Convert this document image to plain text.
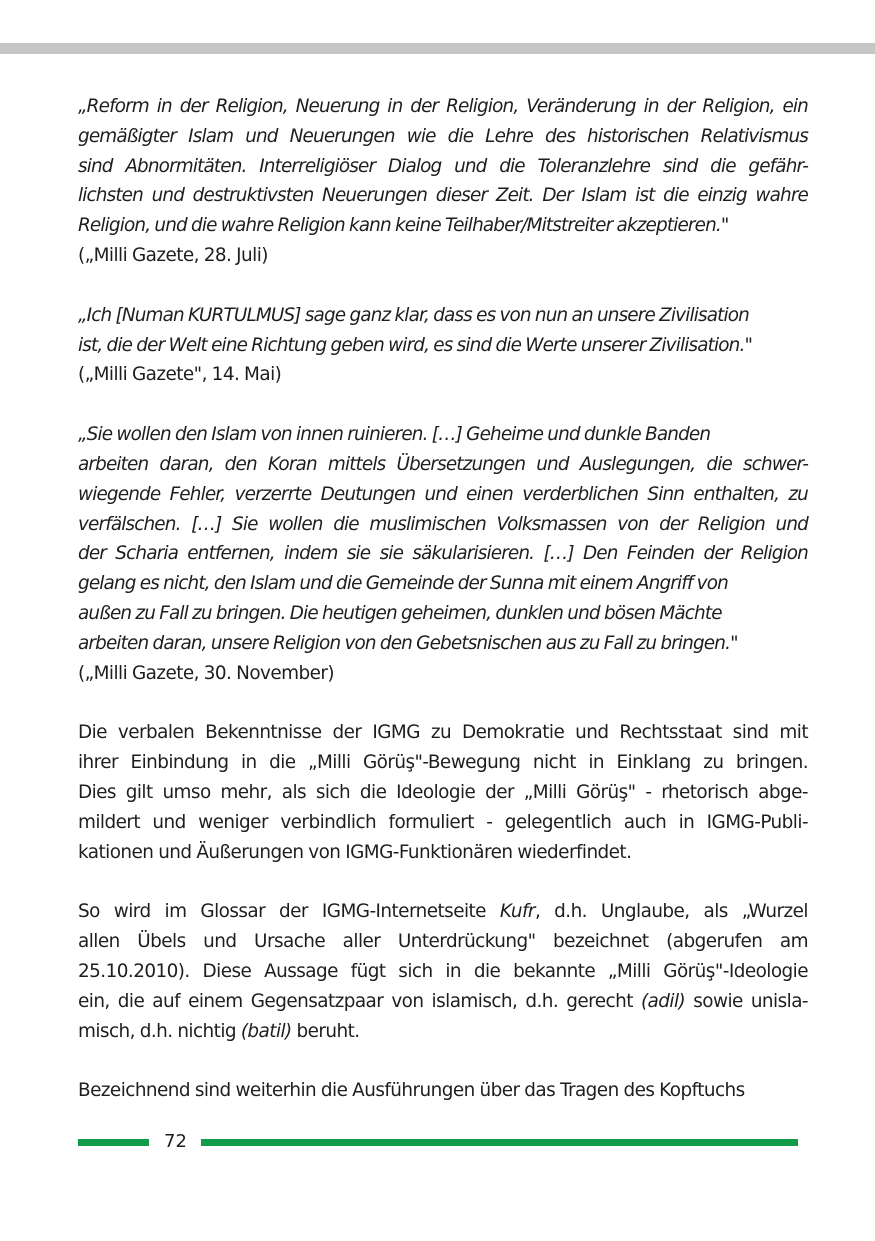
„Reform in der Religion, Neuerung in der Religion, Veränderung in der Religion, ein
gemäßigter Islam und Neuerungen wie die Lehre des historischen Relativismus
sind Abnormitäten. Interreligiöser Dialog und die Toleranzlehre sind die gefähr-
lichsten und destruktivsten Neuerungen dieser Zeit. Der Islam ist die einzig wahre
Religion, und die wahre Religion kann keine Teilhaber/Mitstreiter akzeptieren."
(„Milli Gazete, 28. Juli)
„Ich [Numan KURTULMUS] sage ganz klar, dass es von nun an unsere Zivilisation
ist, die der Welt eine Richtung geben wird, es sind die Werte unserer Zivilisation."
(„Milli Gazete", 14. Mai)
„Sie wollen den Islam von innen ruinieren. […] Geheime und dunkle Banden
arbeiten daran, den Koran mittels Übersetzungen und Auslegungen, die schwer-
wiegende Fehler, verzerrte Deutungen und einen verderblichen Sinn enthalten, zu
verfälschen. […] Sie wollen die muslimischen Volksmassen von der Religion und
der Scharia entfernen, indem sie sie säkularisieren. […] Den Feinden der Religion
gelang es nicht, den Islam und die Gemeinde der Sunna mit einem Angriff von
außen zu Fall zu bringen. Die heutigen geheimen, dunklen und bösen Mächte
arbeiten daran, unsere Religion von den Gebetsnischen aus zu Fall zu bringen."
(„Milli Gazete, 30. November)
Die verbalen Bekenntnisse der IGMG zu Demokratie und Rechtsstaat sind mit
ihrer Einbindung in die „Milli Görüş"-Bewegung nicht in Einklang zu bringen.
Dies gilt umso mehr, als sich die Ideologie der „Milli Görüş" - rhetorisch abge-
mildert und weniger verbindlich formuliert - gelegentlich auch in IGMG-Publi-
kationen und Äußerungen von IGMG-Funktionären wiederfindet.
So wird im Glossar der IGMG-Internetseite Kufr, d.h. Unglaube, als „Wurzel
allen Übels und Ursache aller Unterdrückung" bezeichnet (abgerufen am
25.10.2010). Diese Aussage fügt sich in die bekannte „Milli Görüş"-Ideologie
ein, die auf einem Gegensatzpaar von islamisch, d.h. gerecht (adil) sowie unisla-
misch, d.h. nichtig (batil) beruht.
Bezeichnend sind weiterhin die Ausführungen über das Tragen des Kopftuchs
72
